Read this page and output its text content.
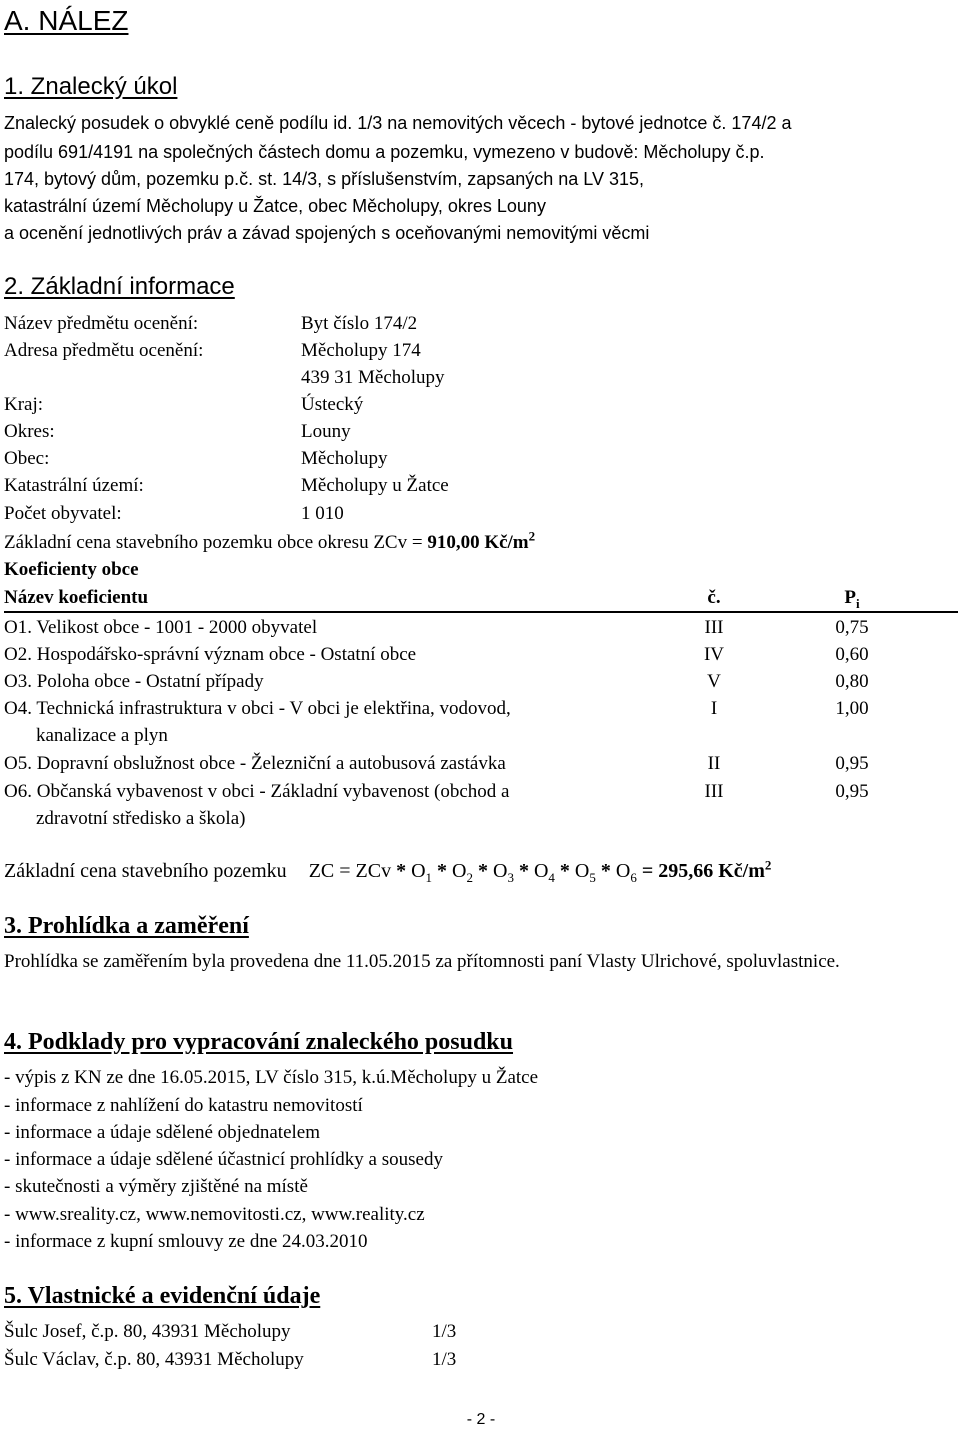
A. NÁLEZ
1. Znalecký úkol
Znalecký posudek o obvyklé ceně podílu id. 1/3 na nemovitých věcech - bytové jednotce č. 174/2 a
podílu 691/4191 na společných částech domu a pozemku, vymezeno v budově: Měcholupy č.p.
174, bytový dům, pozemku p.č. st. 14/3, s příslušenstvím, zapsaných na LV 315,
katastrální území Měcholupy u Žatce, obec Měcholupy, okres Louny
a ocenění jednotlivých práv a závad spojených s oceňovanými nemovitými věcmi
2. Základní informace
Název předmětu ocenění:	Byt číslo 174/2
Adresa předmětu ocenění:	Měcholupy 174
439 31 Měcholupy
Kraj:	Ústecký
Okres:	Louny
Obec:	Měcholupy
Katastrální území:	Měcholupy u Žatce
Počet obyvatel:	1 010
Základní cena stavebního pozemku obce okresu ZCv = 910,00 $Kč/m^2$
Koeficienty obce
Název koeficientu	č.	$P_i$
O1. Velikost obce - 1001 - 2000 obyvatel	III	0,75
O2. Hospodářsko-správní význam obce - Ostatní obce	IV	0,60
O3. Poloha obce - Ostatní případy	V	0,80
O4. Technická infrastruktura v obci - V obci je elektřina, vodovod,	I	1,00
kanalizace a plyn
O5. Dopravní obslužnost obce - Železniční a autobusová zastávka	II	0,95
O6. Občanská vybavenost v obci - Základní vybavenost (obchod a	III	0,95
zdravotní středisko a škola)
Základní cena stavebního pozemku ZC = ZCv * $O_1 * O_2 * O_3 * O_4 * O_5 * O_6 = 295,66$ $Kč/m^2$
3. Prohlídka a zaměření
Prohlídka se zaměřením byla provedena dne 11.05.2015 za přítomnosti paní Vlasty Ulrichové, spoluvlastnice.
4. Podklady pro vypracování znaleckého posudku
- výpis z KN ze dne 16.05.2015, LV číslo 315, k.ú.Měcholupy u Žatce
- informace z nahlížení do katastru nemovitostí
- informace a údaje sdělené objednatelem
- informace a údaje sdělené účastnicí prohlídky a sousedy
- skutečnosti a výměry zjištěné na místě
- www.sreality.cz, www.nemovitosti.cz, www.reality.cz
- informace z kupní smlouvy ze dne 24.03.2010
5. Vlastnické a evidenční údaje
Šulc Josef, č.p. 80, 43931 Měcholupy	1/3
Šulc Václav, č.p. 80, 43931 Měcholupy	1/3
- 2 -
